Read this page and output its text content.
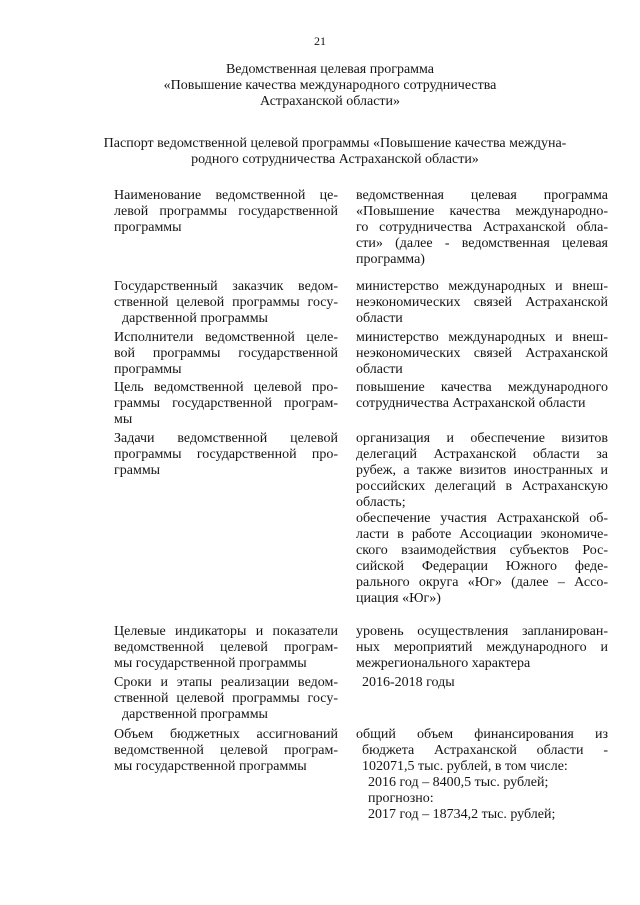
21
Ведомственная целевая программа
«Повышение качества международного сотрудничества
Астраханской области»
Паспорт ведомственной целевой программы «Повышение качества междуна-
родного сотрудничества Астраханской области»
Наименование ведомственной це-
левой программы государственной
программы
ведомственная целевая программа
«Повышение качества международно-
го сотрудничества Астраханской обла-
сти» (далее - ведомственная целевая
программа)
Государственный заказчик ведом-
ственной целевой программы госу-
дарственной программы
министерство международных и внеш-
неэкономических связей Астраханской
области
Исполнители ведомственной целе-
вой программы государственной
программы
министерство международных и внеш-
неэкономических связей Астраханской
области
Цель ведомственной целевой про-
граммы государственной програм-
мы
повышение качества международного
сотрудничества Астраханской области
Задачи ведомственной целевой
программы государственной про-
граммы
организация и обеспечение визитов
делегаций Астраханской области за
рубеж, а также визитов иностранных и
российских делегаций в Астраханскую
область;
обеспечение участия Астраханской об-
ласти в работе Ассоциации экономиче-
ского взаимодействия субъектов Рос-
сийской Федерации Южного феде-
рального округа «Юг» (далее – Ассо-
циация «Юг»)
Целевые индикаторы и показатели
ведомственной целевой програм-
мы государственной программы
уровень осуществления запланирован-
ных мероприятий международного и
межрегионального характера
Сроки и этапы реализации ведом-
ственной целевой программы госу-
дарственной программы
2016-2018 годы
Объем бюджетных ассигнований
ведомственной целевой програм-
мы государственной программы
общий объем финансирования из
бюджета Астраханской области -
102071,5 тыс. рублей, в том числе:
2016 год – 8400,5 тыс. рублей;
прогнозно:
2017 год – 18734,2 тыс. рублей;
